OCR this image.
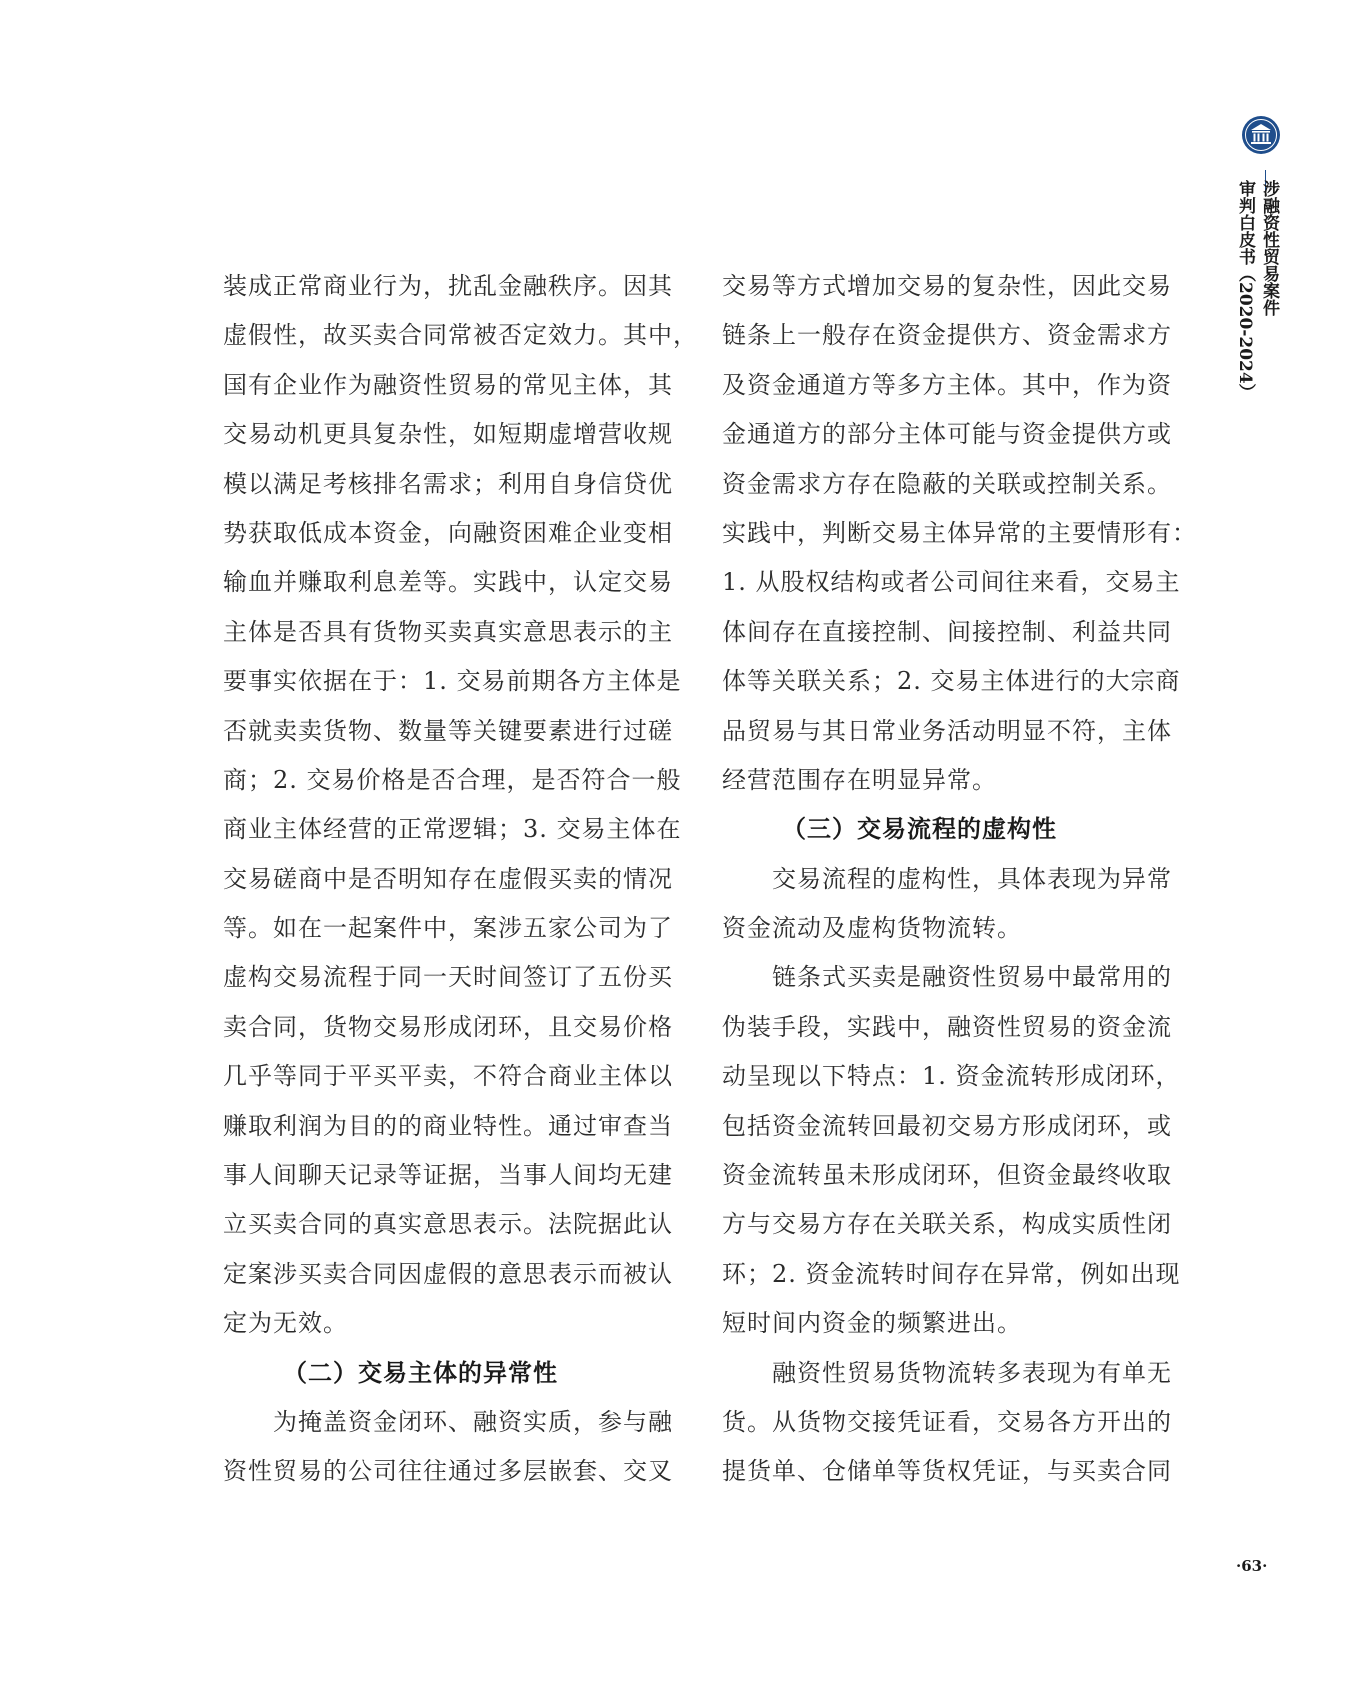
涉融资性贸易案件
审判白皮书（2020-2024）
装成正常商业行为，扰乱金融秩序。因其
虚假性，故买卖合同常被否定效力。其中，
国有企业作为融资性贸易的常见主体，其
交易动机更具复杂性，如短期虚增营收规
模以满足考核排名需求；利用自身信贷优
势获取低成本资金，向融资困难企业变相
输血并赚取利息差等。实践中，认定交易
主体是否具有货物买卖真实意思表示的主
要事实依据在于：1. 交易前期各方主体是
否就卖卖货物、数量等关键要素进行过磋
商；2. 交易价格是否合理，是否符合一般
商业主体经营的正常逻辑；3. 交易主体在
交易磋商中是否明知存在虚假买卖的情况
等。如在一起案件中，案涉五家公司为了
虚构交易流程于同一天时间签订了五份买
卖合同，货物交易形成闭环，且交易价格
几乎等同于平买平卖，不符合商业主体以
赚取利润为目的的商业特性。通过审查当
事人间聊天记录等证据，当事人间均无建
立买卖合同的真实意思表示。法院据此认
定案涉买卖合同因虚假的意思表示而被认
定为无效。
（二）交易主体的异常性
　　为掩盖资金闭环、融资实质，参与融
资性贸易的公司往往通过多层嵌套、交叉
交易等方式增加交易的复杂性，因此交易
链条上一般存在资金提供方、资金需求方
及资金通道方等多方主体。其中，作为资
金通道方的部分主体可能与资金提供方或
资金需求方存在隐蔽的关联或控制关系。
实践中，判断交易主体异常的主要情形有：
1. 从股权结构或者公司间往来看，交易主
体间存在直接控制、间接控制、利益共同
体等关联关系；2. 交易主体进行的大宗商
品贸易与其日常业务活动明显不符，主体
经营范围存在明显异常。
（三）交易流程的虚构性
　　交易流程的虚构性，具体表现为异常
资金流动及虚构货物流转。
　　链条式买卖是融资性贸易中最常用的
伪装手段，实践中，融资性贸易的资金流
动呈现以下特点：1. 资金流转形成闭环，
包括资金流转回最初交易方形成闭环，或
资金流转虽未形成闭环，但资金最终收取
方与交易方存在关联关系，构成实质性闭
环；2. 资金流转时间存在异常，例如出现
短时间内资金的频繁进出。
　　融资性贸易货物流转多表现为有单无
货。从货物交接凭证看，交易各方开出的
提货单、仓储单等货权凭证，与买卖合同
·63·
